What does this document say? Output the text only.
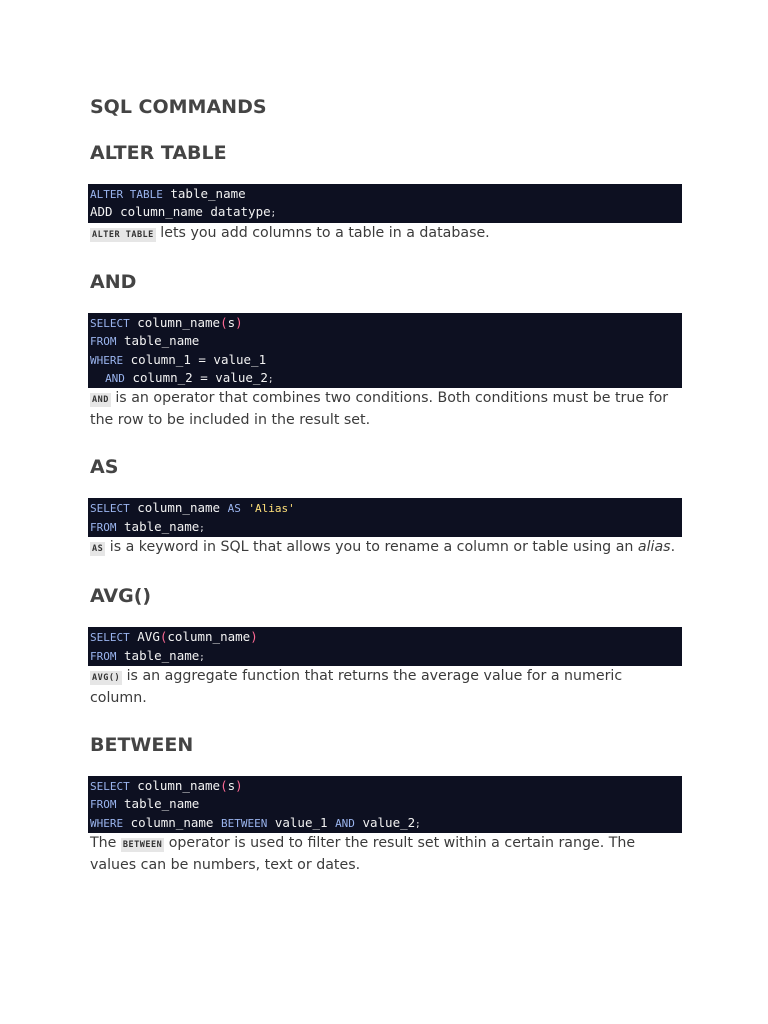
SQL COMMANDS
ALTER TABLE
ALTER TABLE table_name
ADD column_name datatype;

ALTER TABLE lets you add columns to a table in a database.

AND
SELECT column_name(s)
FROM table_name
WHERE column_1 = value_1
AND column_2 = value_2;

AND is an operator that combines two conditions. Both conditions must be true for the row to be included in the result set.

AS
SELECT column_name AS 'Alias'
FROM table_name;

AS is a keyword in SQL that allows you to rename a column or table using an alias.

AVG()
SELECT AVG(column_name)
FROM table_name;

AVG() is an aggregate function that returns the average value for a numeric column.

BETWEEN
SELECT column_name(s)
FROM table_name
WHERE column_name BETWEEN value_1 AND value_2;

The BETWEEN operator is used to filter the result set within a certain range. The values can be numbers, text or dates.
